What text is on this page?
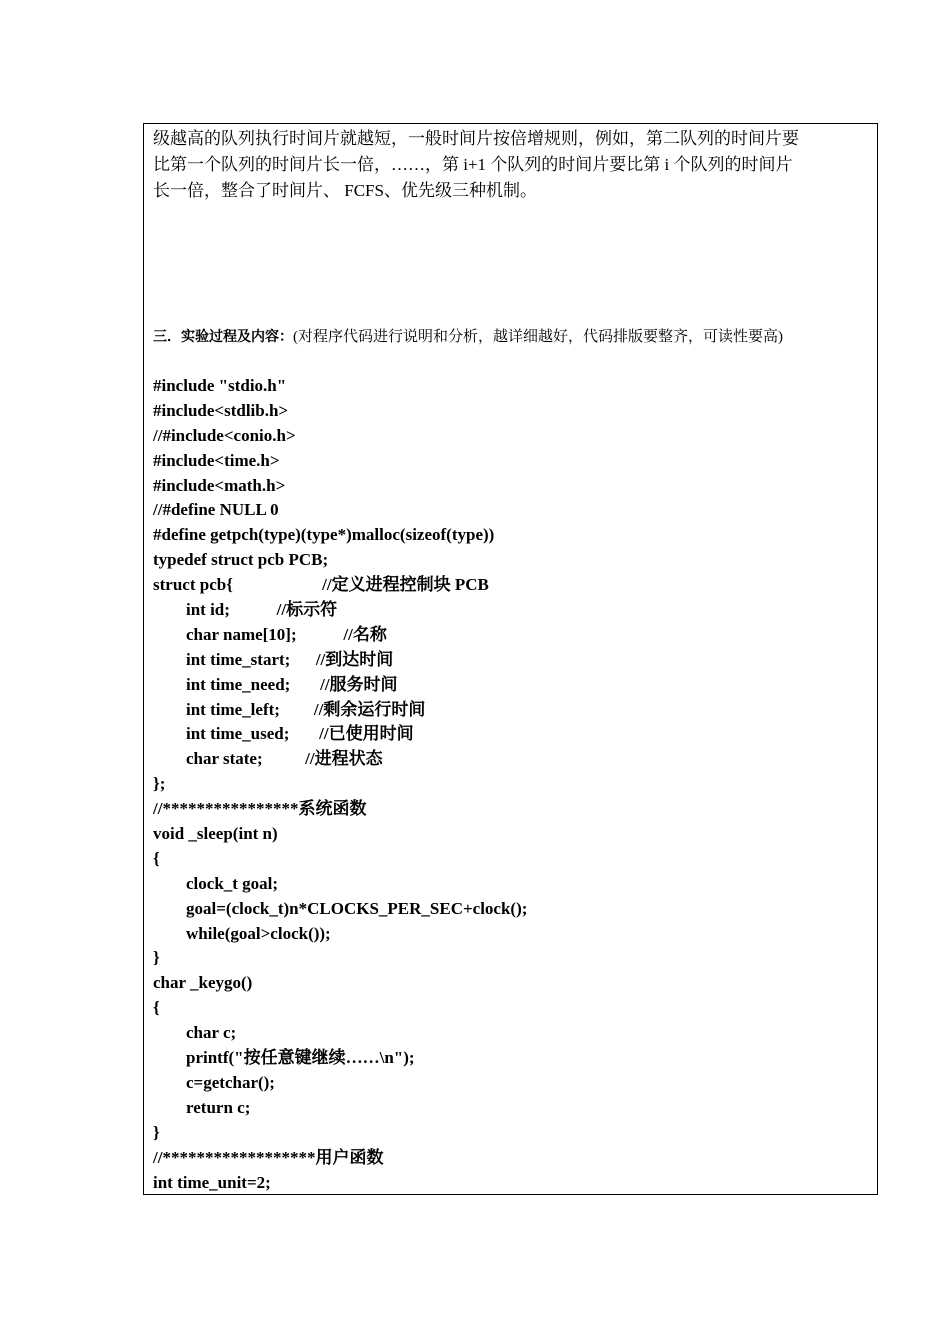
级越高的队列执行时间片就越短，一般时间片按倍增规则，例如，第二队列的时间片要

比第一个队列的时间片长一倍，……，第 i+1 个队列的时间片要比第 i 个队列的时间片

长一倍，整合了时间片、 FCFS、优先级三种机制。

三．实验过程及内容：(对程序代码进行说明和分析，越详细越好，代码排版要整齐，可读性要高)
#include "stdio.h"
#include<stdlib.h>
//#include<conio.h>
#include<time.h>
#include<math.h>
//#define NULL 0
#define getpch(type)(type*)malloc(sizeof(type))
typedef struct pcb PCB;
struct pcb{                     //定义进程控制块 PCB
int id;           //标示符
char name[10];           //名称
int time_start;      //到达时间
int time_need;       //服务时间
int time_left;        //剩余运行时间
int time_used;       //已使用时间
char state;          //进程状态
};
//****************系统函数
void _sleep(int n)
{
clock_t goal;
goal=(clock_t)n*CLOCKS_PER_SEC+clock();
while(goal>clock());
}
char _keygo()
{
char c;
printf("按任意键继续……\n");
c=getchar();
return c;
}
//******************用户函数
int time_unit=2;
